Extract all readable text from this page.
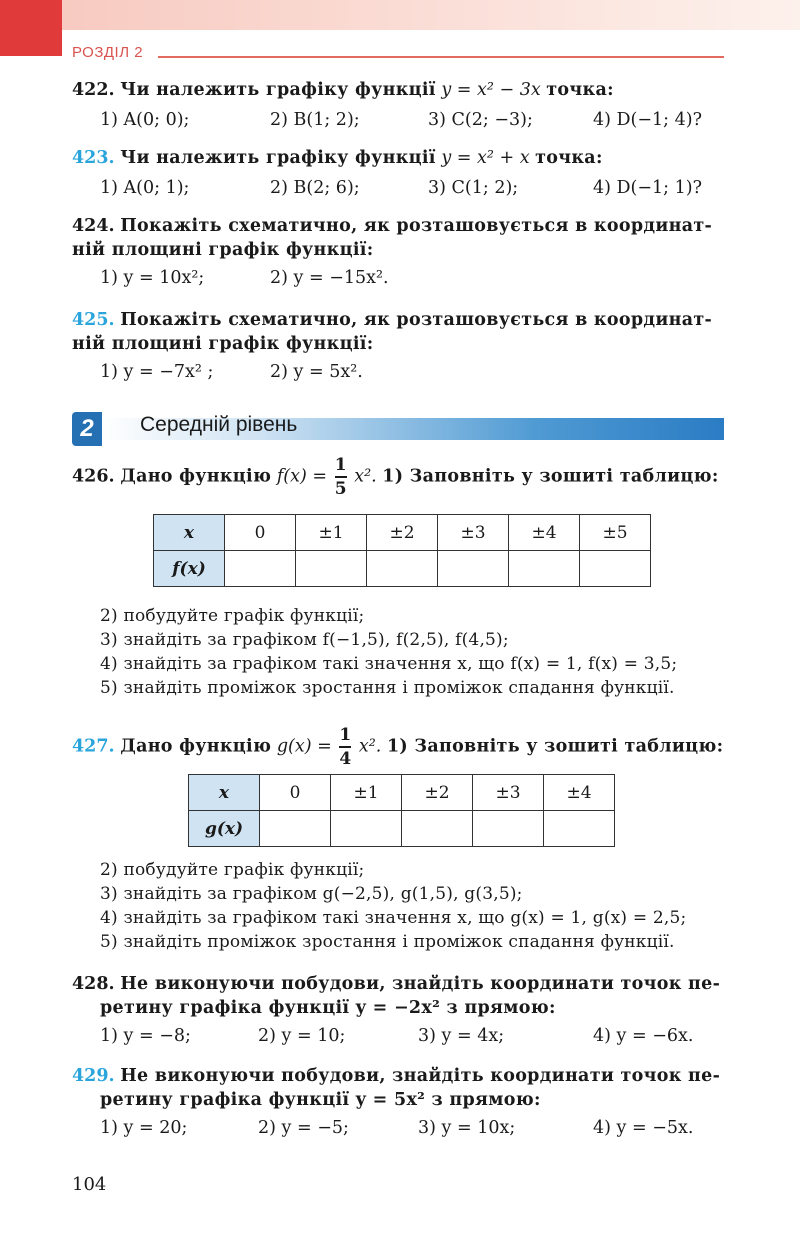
РОЗДІЛ 2
422. Чи належить графіку функції y = x² − 3x точка:
1) A(0; 0);	2) B(1; 2);	3) C(2; −3);	4) D(−1; 4)?
423. Чи належить графіку функції y = x² + x точка:
1) A(0; 1);	2) B(2; 6);	3) C(1; 2);	4) D(−1; 1)?
424. Покажіть схематично, як розташовується в координат-
ній площині графік функції:
1) y = 10x²;	2) y = −15x².
425. Покажіть схематично, як розташовується в координат-
ній площині графік функції:
1) y = −7x² ;	2) y = 5x².
2	Середній рівень
426. Дано функцію $f(x) = \frac{1}{5} x^2$. 1) Заповніть у зошиті таблицю:
x	0	±1	±2	±3	±4	±5
f(x)						
2) побудуйте графік функції;
3) знайдіть за графіком f(−1,5), f(2,5), f(4,5);
4) знайдіть за графіком такі значення x, що f(x) = 1, f(x) = 3,5;
5) знайдіть проміжок зростання і проміжок спадання функції.
427. Дано функцію $g(x) = \frac{1}{4} x^2$. 1) Заповніть у зошиті таблицю:
x	0	±1	±2	±3	±4
g(x)					
2) побудуйте графік функції;
3) знайдіть за графіком g(−2,5), g(1,5), g(3,5);
4) знайдіть за графіком такі значення x, що g(x) = 1, g(x) = 2,5;
5) знайдіть проміжок зростання і проміжок спадання функції.
428. Не виконуючи побудови, знайдіть координати точок пе-
ретину графіка функції y = −2x² з прямою:
1) y = −8;	2) y = 10;	3) y = 4x;	4) y = −6x.
429. Не виконуючи побудови, знайдіть координати точок пе-
ретину графіка функції y = 5x² з прямою:
1) y = 20;	2) y = −5;	3) y = 10x;	4) y = −5x.
104
